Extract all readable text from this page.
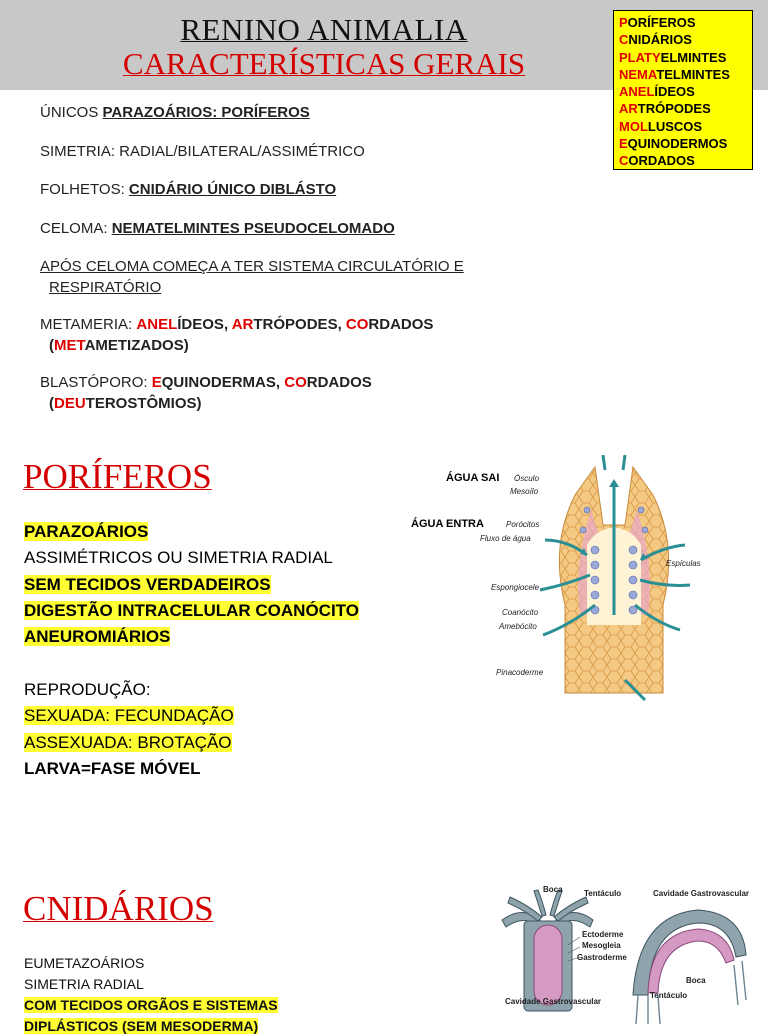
RENINO ANIMALIA
CARACTERÍSTICAS GERAIS
PORÍFEROS
CNIDÁRIOS
PLATYELMINTES
NEMATELMINTES
ANELÍDEOS
ARTRÓPODES
MOLLUSCOS
EQUINODERMOS
CORDADOS
ÚNICOS PARAZOÁRIOS: PORÍFEROS
SIMETRIA: RADIAL/BILATERAL/ASSIMÉTRICO
FOLHETOS: CNIDÁRIO ÚNICO DIBLÁSTO
CELOMA: NEMATELMINTES PSEUDOCELOMADO
APÓS CELOMA COMEÇA A TER SISTEMA CIRCULATÓRIO E
RESPIRATÓRIO
METAMERIA: ANELÍDEOS, ARTRÓPODES, CORDADOS
(METAMETIZADOS)
BLASTÓPORO: EQUINODERMAS, CORDADOS
(DEUTEROSTÔMIOS)
PORÍFEROS
PARAZOÁRIOS
ASSIMÉTRICOS OU SIMETRIA RADIAL
SEM TECIDOS VERDADEIROS
DIGESTÃO INTRACELULAR COANÓCITO
ANEUROMIÁRIOS
REPRODUÇÃO:
SEXUADA: FECUNDAÇÃO
ASSEXUADA: BROTAÇÃO
LARVA=FASE MÓVEL
ÁGUA SAI
ÁGUA ENTRA
Ósculo
Mesoílo
Porócitos
Fluxo de água
Espículas
Espongiocele
Coanócito
Amebócito
Pinacoderme
CNIDÁRIOS
EUMETAZOÁRIOS
SIMETRIA RADIAL
COM TECIDOS ORGÃOS E SISTEMAS
DIPLÁSTICOS (SEM MESODERMA)
Boca	Tentáculo	Cavidade Gastrovascular
Ectoderme
Mesogleia
Gastroderme
Cavidade Gastrovascular
Boca
Tentáculo
